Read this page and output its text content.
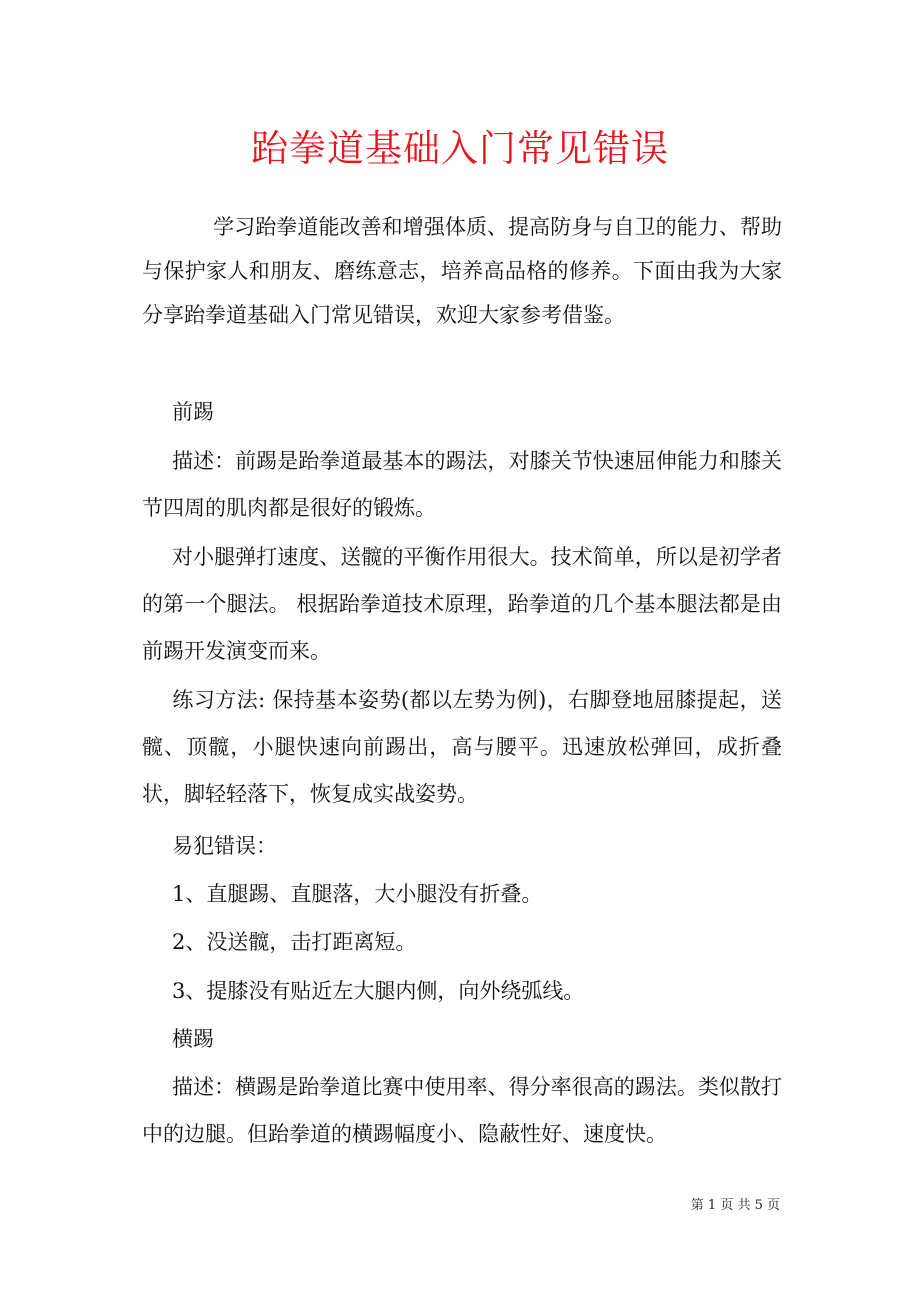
跆拳道基础入门常见错误
学习跆拳道能改善和增强体质、提高防身与自卫的能力、帮助与保护家人和朋友、磨练意志，培养高品格的修养。下面由我为大家分享跆拳道基础入门常见错误，欢迎大家参考借鉴。
前踢
描述：前踢是跆拳道最基本的踢法，对膝关节快速屈伸能力和膝关节四周的肌肉都是很好的锻炼。
对小腿弹打速度、送髋的平衡作用很大。技术简单，所以是初学者的第一个腿法。 根据跆拳道技术原理，跆拳道的几个基本腿法都是由前踢开发演变而来。
练习方法: 保持基本姿势(都以左势为例)，右脚登地屈膝提起，送髋、顶髋，小腿快速向前踢出，高与腰平。迅速放松弹回，成折叠状，脚轻轻落下，恢复成实战姿势。
易犯错误：
1、直腿踢、直腿落，大小腿没有折叠。
2、没送髋，击打距离短。
3、提膝没有贴近左大腿内侧，向外绕弧线。
横踢
描述：横踢是跆拳道比赛中使用率、得分率很高的踢法。类似散打中的边腿。但跆拳道的横踢幅度小、隐蔽性好、速度快。
第 1 页 共 5 页
